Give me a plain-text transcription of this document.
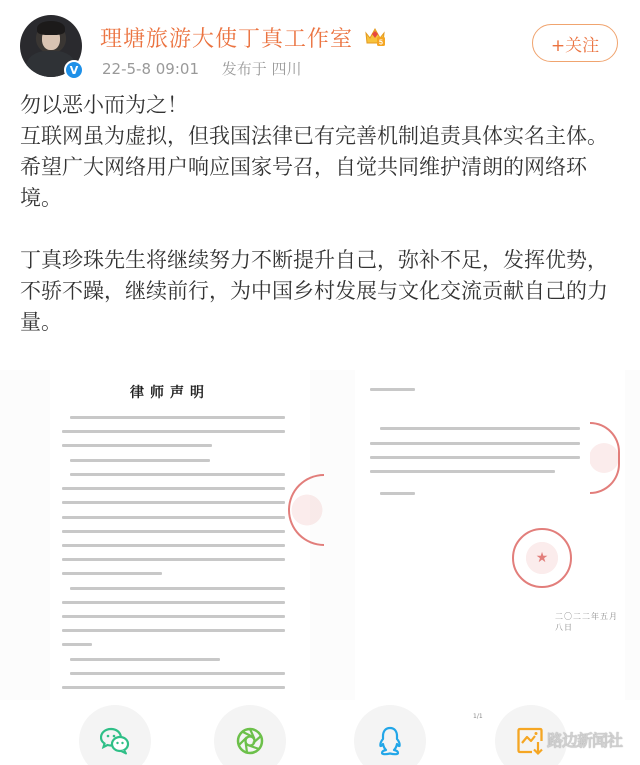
V
理塘旅游大使丁真工作室	5
22-5-8 09:01 发布于 四川
+关注

勿以恶小而为之！

互联网虽为虚拟，但我国法律已有完善机制追责具体实名主体。希望广大网络用户响应国家号召，自觉共同维护清朗的网络环境。

丁真珍珠先生将继续努力不断提升自己，弥补不足，发挥优势，不骄不躁，继续前行，为中国乡村发展与文化交流贡献自己的力量。

律师声明
二〇二二年五月八日
1/1
★
路边新闻社
